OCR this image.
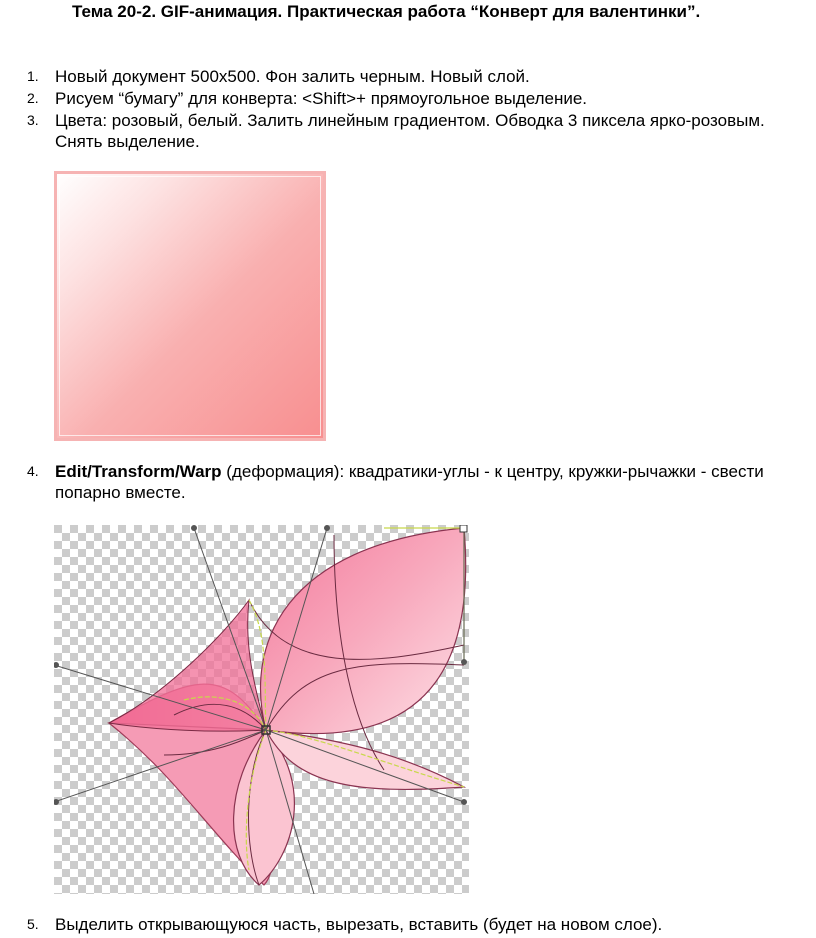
Тема 20-2. GIF-анимация. Практическая работа “Конверт для валентинки”.
1. Новый документ 500х500. Фон залить черным. Новый слой.
2. Рисуем “бумагу” для конверта: <Shift>+ прямоугольное выделение.
3. Цвета: розовый, белый. Залить линейным градиентом. Обводка 3 пиксела ярко-розовым.
Снять выделение.
4. Edit/Transform/Warp (деформация): квадратики-углы - к центру, кружки-рычажки - свести
попарно вместе.
5. Выделить открывающуюся часть, вырезать, вставить (будет на новом слое).
